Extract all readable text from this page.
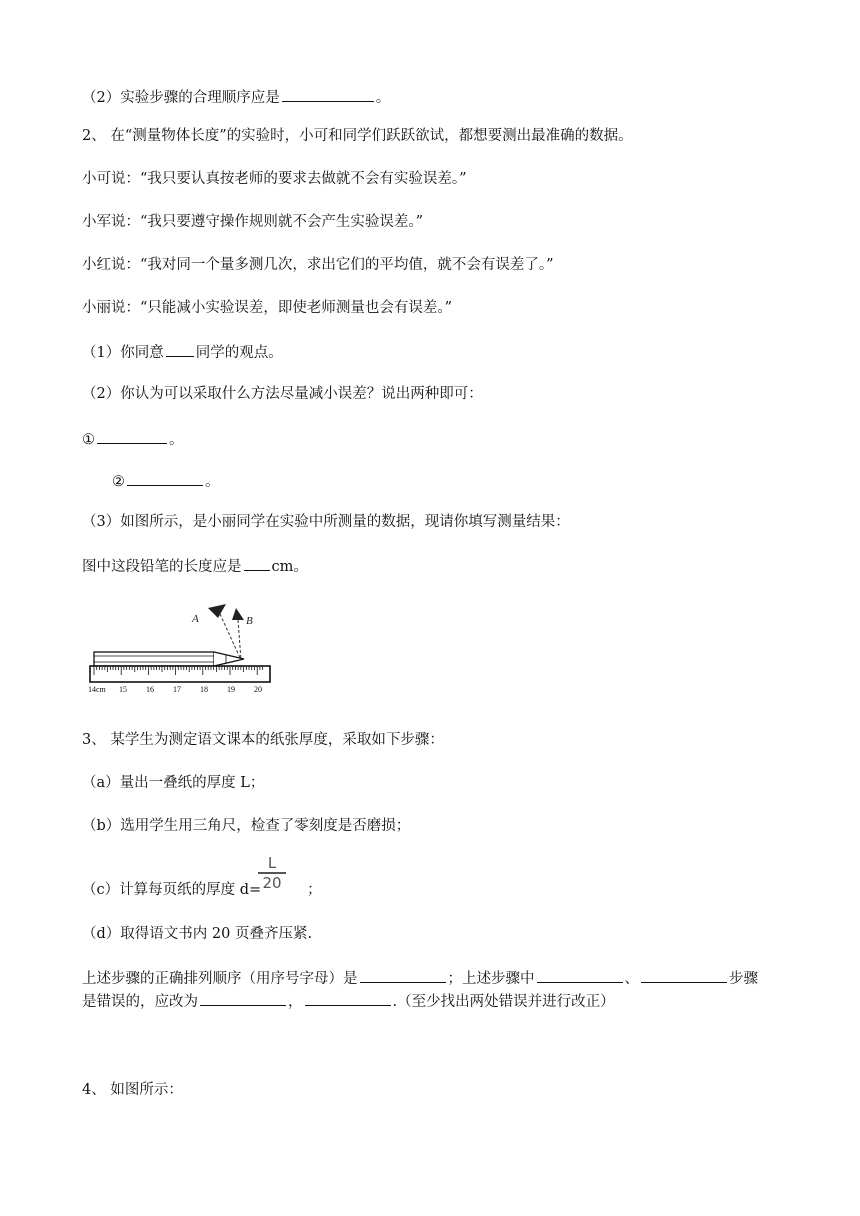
（2）实验步骤的合理顺序应是	。
2、 在“测量物体长度”的实验时，小可和同学们跃跃欲试，都想要测出最准确的数据。
小可说：“我只要认真按老师的要求去做就不会有实验误差。”
小军说：“我只要遵守操作规则就不会产生实验误差。”
小红说：“我对同一个量多测几次，求出它们的平均值，就不会有误差了。”
小丽说：“只能减小实验误差，即使老师测量也会有误差。”
（1）你同意 同学的观点。
（2）你认为可以采取什么方法尽量减小误差？说出两种即可：
①	。
②	。
（3）如图所示，是小丽同学在实验中所测量的数据，现请你填写测量结果：
图中这段铅笔的长度应是 cm。
A	B
14cm 15 16 17 18 19 20
3、 某学生为测定语文课本的纸张厚度，采取如下步骤：
（a）量出一叠纸的厚度 L；
（b）选用学生用三角尺，检查了零刻度是否磨损；
（c）计算每页纸的厚度 d=	；
$\frac{L}{20}$
（d）取得语文书内 20 页叠齐压紧.
上述步骤的正确排列顺序（用序号字母）是	；上述步骤中	、	步骤
是错误的，应改为	，	.（至少找出两处错误并进行改正）
4、 如图所示：
